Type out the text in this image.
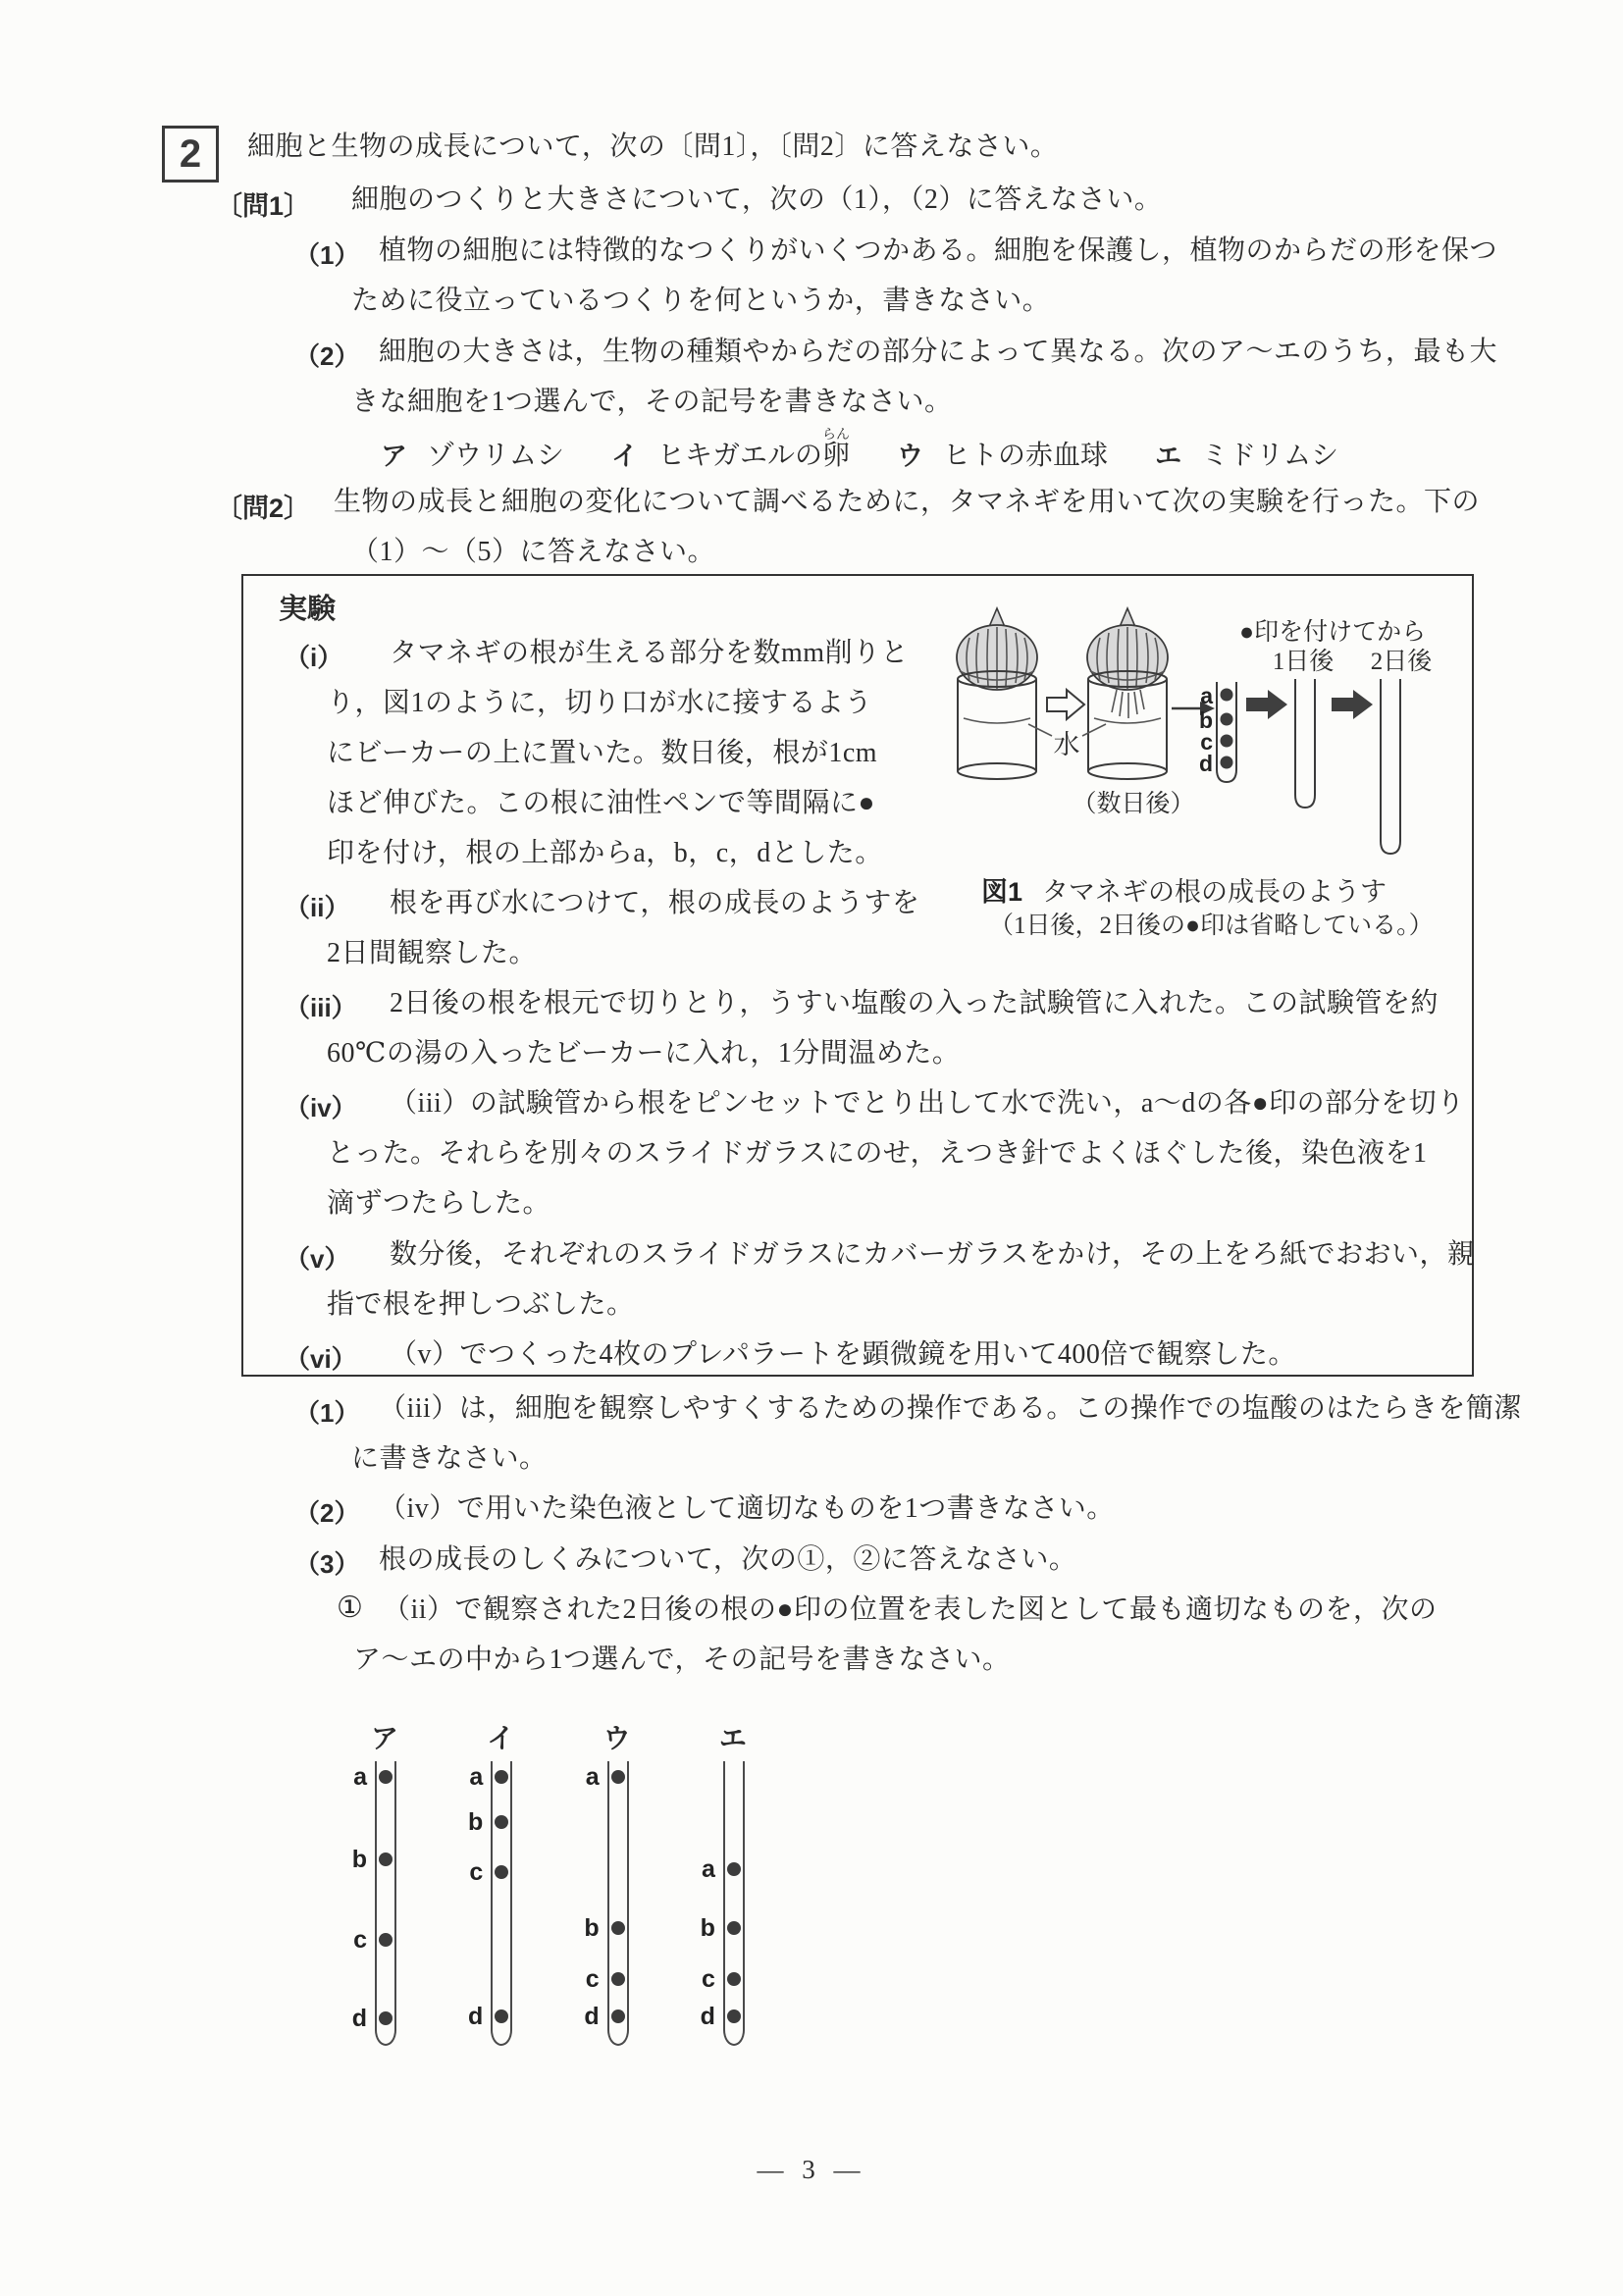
2 細胞と生物の成長について，次の〔問1〕，〔問2〕に答えなさい。
〔問1〕 細胞のつくりと大きさについて，次の（1），（2）に答えなさい。
（1） 植物の細胞には特徴的なつくりがいくつかある。細胞を保護し，植物のからだの形を保つ
ために役立っているつくりを何というか，書きなさい。
（2） 細胞の大きさは，生物の種類やからだの部分によって異なる。次のア～エのうち，最も大
きな細胞を1つ選んで，その記号を書きなさい。
ア ゾウリムシ イ ヒキガエルの卵らん
ウ ヒトの赤血球 エ ミドリムシ
〔問2〕 生物の成長と細胞の変化について調べるために，タマネギを用いて次の実験を行った。下の
（1）～（5）に答えなさい。
実験
（i） タマネギの根が生える部分を数mm削りと
り，図1のように，切り口が水に接するよう
にビーカーの上に置いた。数日後，根が1cm
ほど伸びた。この根に油性ペンで等間隔に●
印を付け，根の上部からa，b，c，dとした。
（ii） 根を再び水につけて，根の成長のようすを
2日間観察した。
（iii） 2日後の根を根元で切りとり，うすい塩酸の入った試験管に入れた。この試験管を約
60℃の湯の入ったビーカーに入れ，1分間温めた。
（iv） （iii）の試験管から根をピンセットでとり出して水で洗い，a～dの各●印の部分を切り
とった。それらを別々のスライドガラスにのせ，えつき針でよくほぐした後，染色液を1
滴ずつたらした。
（v） 数分後，それぞれのスライドガラスにカバーガラスをかけ，その上をろ紙でおおい，親
指で根を押しつぶした。
（vi） （v）でつくった4枚のプレパラートを顕微鏡を用いて400倍で観察した。
水
（数日後）
a
b
c
d
●印を付けてから
1日後 2日後
図1 タマネギの根の成長のようす
（1日後，2日後の●印は省略している。）
（1） （iii）は，細胞を観察しやすくするための操作である。この操作での塩酸のはたらきを簡潔
に書きなさい。
（2） （iv）で用いた染色液として適切なものを1つ書きなさい。
（3） 根の成長のしくみについて，次の①，②に答えなさい。
① （ii）で観察された2日後の根の●印の位置を表した図として最も適切なものを，次の
ア～エの中から1つ選んで，その記号を書きなさい。
ア
a
b
c
d
イ
a
b
c
d
ウ
a
b
c
d
エ
a
b
c
d
— 3 —
